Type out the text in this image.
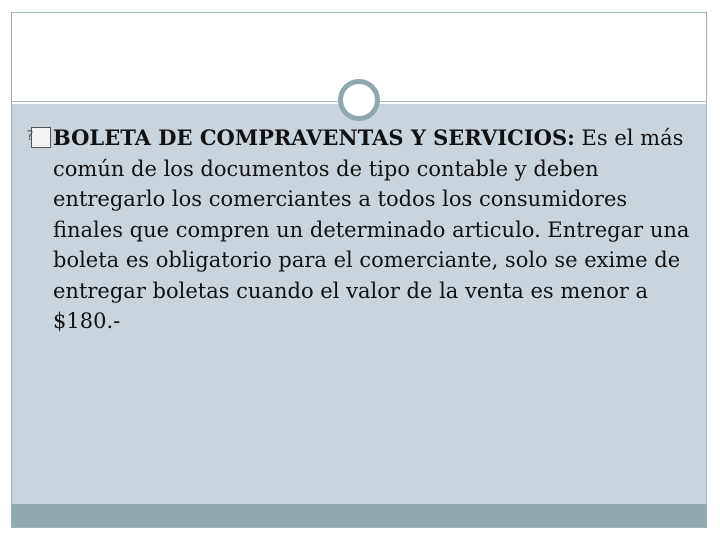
?BOLETA DE COMPRAVENTAS Y SERVICIOS: Es el más común de los documentos de tipo contable y deben entregarlo los comerciantes a todos los consumidores finales que compren un determinado articulo. Entregar una boleta es obligatorio para el comerciante, solo se exime de entregar boletas cuando el valor de la venta es menor a $180.-
